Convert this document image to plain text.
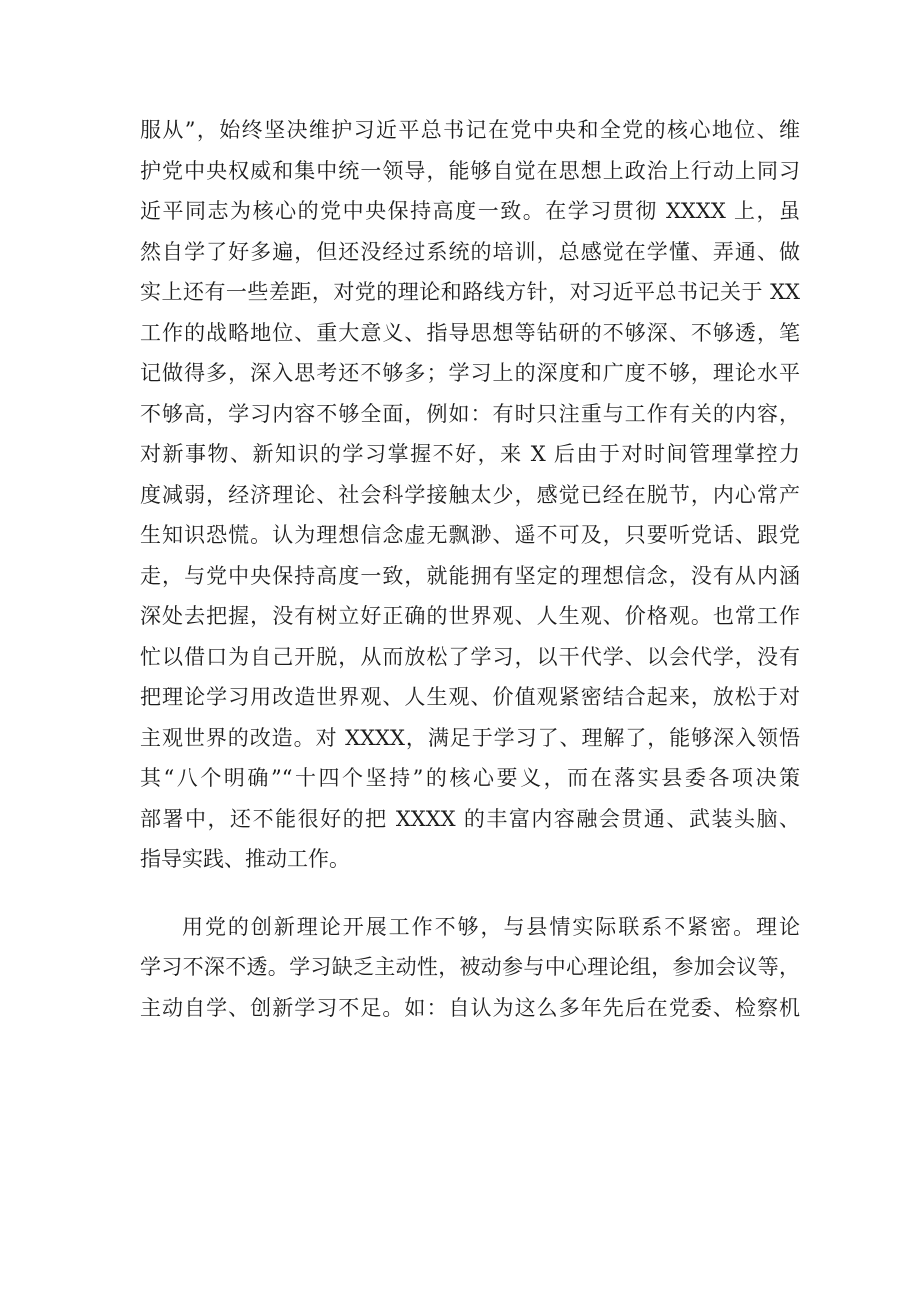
服从”，始终坚决维护习近平总书记在党中央和全党的核心地位、维
护党中央权威和集中统一领导，能够自觉在思想上政治上行动上同习
近平同志为核心的党中央保持高度一致。在学习贯彻 XXXX 上，虽
然自学了好多遍，但还没经过系统的培训，总感觉在学懂、弄通、做
实上还有一些差距，对党的理论和路线方针，对习近平总书记关于 XX
工作的战略地位、重大意义、指导思想等钻研的不够深、不够透，笔
记做得多，深入思考还不够多；学习上的深度和广度不够，理论水平
不够高，学习内容不够全面，例如：有时只注重与工作有关的内容，
对新事物、新知识的学习掌握不好，来 X 后由于对时间管理掌控力
度减弱，经济理论、社会科学接触太少，感觉已经在脱节，内心常产
生知识恐慌。认为理想信念虚无飘渺、遥不可及，只要听党话、跟党
走，与党中央保持高度一致，就能拥有坚定的理想信念，没有从内涵
深处去把握，没有树立好正确的世界观、人生观、价格观。也常工作
忙以借口为自己开脱，从而放松了学习，以干代学、以会代学，没有
把理论学习用改造世界观、人生观、价值观紧密结合起来，放松于对
主观世界的改造。对 XXXX，满足于学习了、理解了，能够深入领悟
其“八个明确”“十四个坚持”的核心要义，而在落实县委各项决策
部署中，还不能很好的把 XXXX 的丰富内容融会贯通、武装头脑、
指导实践、推动工作。
用党的创新理论开展工作不够，与县情实际联系不紧密。理论
学习不深不透。学习缺乏主动性，被动参与中心理论组，参加会议等，
主动自学、创新学习不足。如：自认为这么多年先后在党委、检察机
